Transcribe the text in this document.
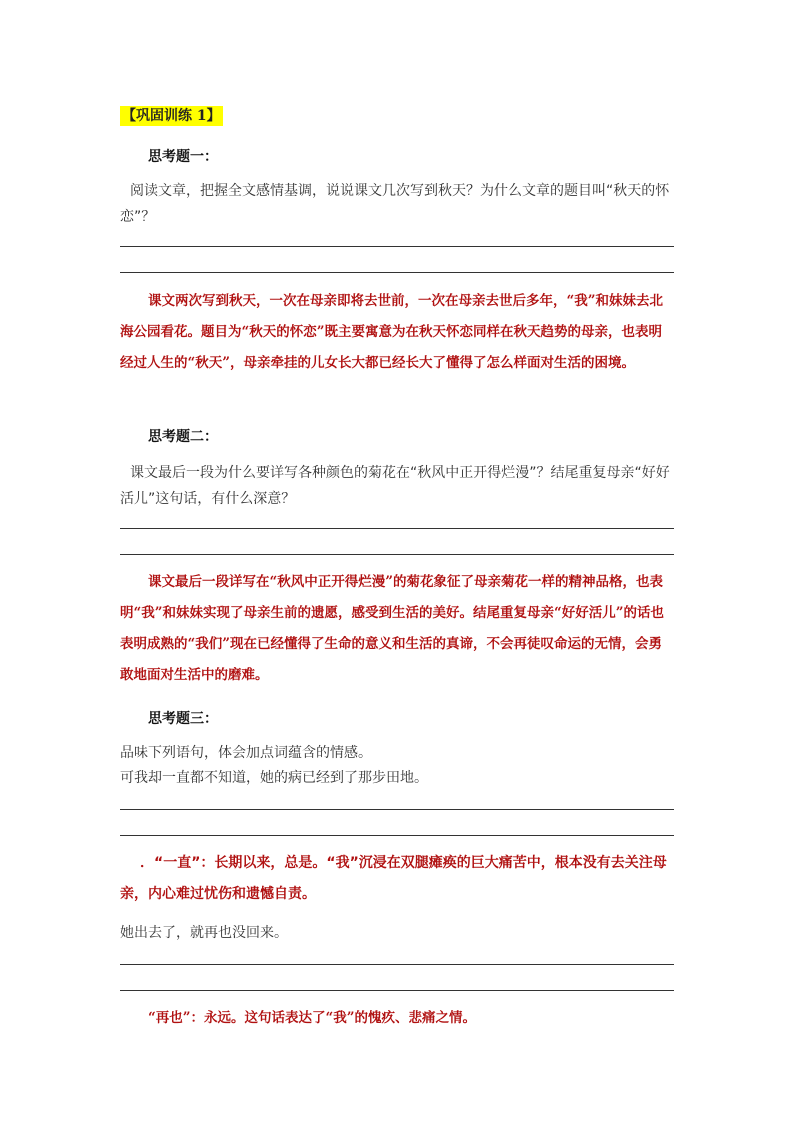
【巩固训练 1】
思考题一：
阅读文章，把握全文感情基调，说说课文几次写到秋天？为什么文章的题目叫“秋天的怀恋”？
课文两次写到秋天，一次在母亲即将去世前，一次在母亲去世后多年，“我”和妹妹去北海公园看花。题目为“秋天的怀恋”既主要寓意为在秋天怀恋同样在秋天趋势的母亲，也表明经过人生的“秋天”，母亲牵挂的儿女长大都已经长大了懂得了怎么样面对生活的困境。
思考题二：
课文最后一段为什么要详写各种颜色的菊花在“秋风中正开得烂漫”？结尾重复母亲“好好活儿”这句话，有什么深意？
课文最后一段详写在“秋风中正开得烂漫”的菊花象征了母亲菊花一样的精神品格，也表明“我”和妹妹实现了母亲生前的遗愿，感受到生活的美好。结尾重复母亲“好好活儿”的话也表明成熟的“我们”现在已经懂得了生命的意义和生活的真谛，不会再徒叹命运的无情，会勇敢地面对生活中的磨难。
思考题三：
品味下列语句，体会加点词蕴含的情感。
可我却一直都不知道，她的病已经到了那步田地。
．“一直”：长期以来，总是。“我”沉浸在双腿瘫痪的巨大痛苦中，根本没有去关注母亲，内心难过忧伤和遗憾自责。
她出去了，就再也没回来。
“再也”：永远。这句话表达了“我”的愧疚、悲痛之情。
